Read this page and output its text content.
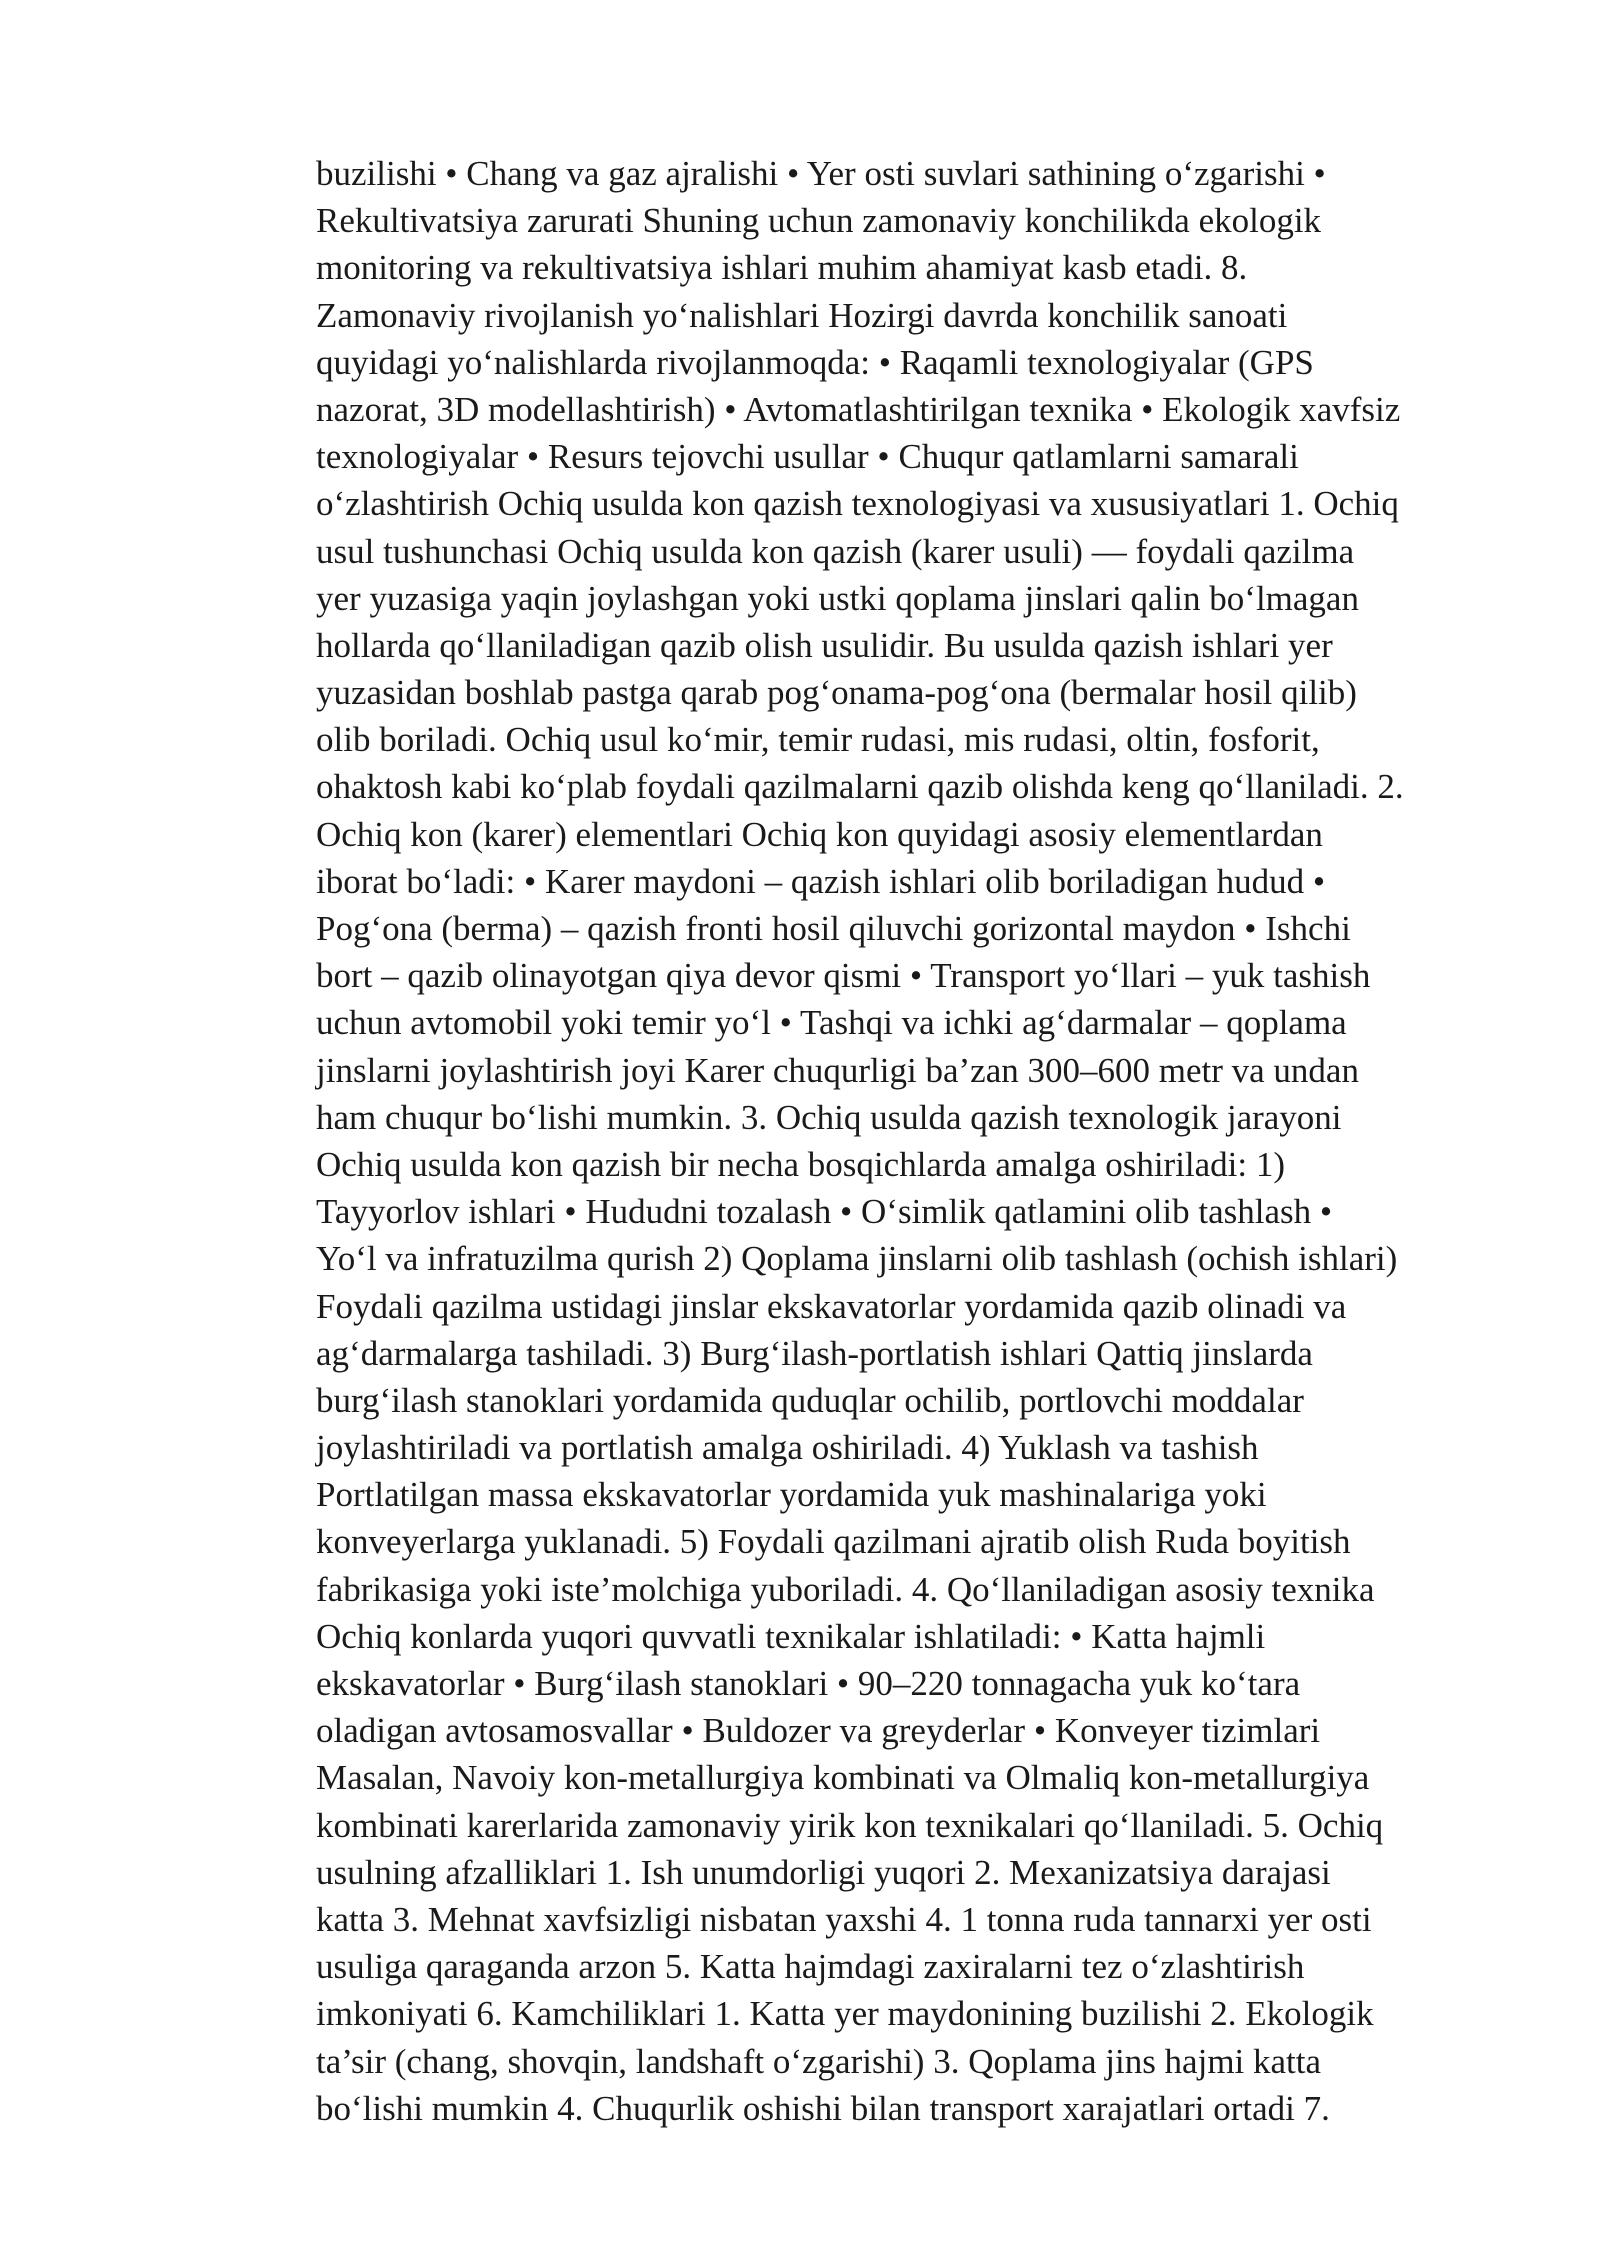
buzilishi • Chang va gaz ajralishi • Yer osti suvlari sathining o‘zgarishi •
Rekultivatsiya zarurati Shuning uchun zamonaviy konchilikda ekologik
monitoring va rekultivatsiya ishlari muhim ahamiyat kasb etadi. 8.
Zamonaviy rivojlanish yo‘nalishlari Hozirgi davrda konchilik sanoati
quyidagi yo‘nalishlarda rivojlanmoqda: • Raqamli texnologiyalar (GPS
nazorat, 3D modellashtirish) • Avtomatlashtirilgan texnika • Ekologik xavfsiz
texnologiyalar • Resurs tejovchi usullar • Chuqur qatlamlarni samarali
o‘zlashtirish Ochiq usulda kon qazish texnologiyasi va xususiyatlari 1. Ochiq
usul tushunchasi Ochiq usulda kon qazish (karer usuli) — foydali qazilma
yer yuzasiga yaqin joylashgan yoki ustki qoplama jinslari qalin bo‘lmagan
hollarda qo‘llaniladigan qazib olish usulidir. Bu usulda qazish ishlari yer
yuzasidan boshlab pastga qarab pog‘onama-pog‘ona (bermalar hosil qilib)
olib boriladi. Ochiq usul ko‘mir, temir rudasi, mis rudasi, oltin, fosforit,
ohaktosh kabi ko‘plab foydali qazilmalarni qazib olishda keng qo‘llaniladi. 2.
Ochiq kon (karer) elementlari Ochiq kon quyidagi asosiy elementlardan
iborat bo‘ladi: • Karer maydoni – qazish ishlari olib boriladigan hudud •
Pog‘ona (berma) – qazish fronti hosil qiluvchi gorizontal maydon • Ishchi
bort – qazib olinayotgan qiya devor qismi • Transport yo‘llari – yuk tashish
uchun avtomobil yoki temir yo‘l • Tashqi va ichki ag‘darmalar – qoplama
jinslarni joylashtirish joyi Karer chuqurligi ba’zan 300–600 metr va undan
ham chuqur bo‘lishi mumkin. 3. Ochiq usulda qazish texnologik jarayoni
Ochiq usulda kon qazish bir necha bosqichlarda amalga oshiriladi: 1)
Tayyorlov ishlari • Hududni tozalash • O‘simlik qatlamini olib tashlash •
Yo‘l va infratuzilma qurish 2) Qoplama jinslarni olib tashlash (ochish ishlari)
Foydali qazilma ustidagi jinslar ekskavatorlar yordamida qazib olinadi va
ag‘darmalarga tashiladi. 3) Burg‘ilash-portlatish ishlari Qattiq jinslarda
burg‘ilash stanoklari yordamida quduqlar ochilib, portlovchi moddalar
joylashtiriladi va portlatish amalga oshiriladi. 4) Yuklash va tashish
Portlatilgan massa ekskavatorlar yordamida yuk mashinalariga yoki
konveyerlarga yuklanadi. 5) Foydali qazilmani ajratib olish Ruda boyitish
fabrikasiga yoki iste’molchiga yuboriladi. 4. Qo‘llaniladigan asosiy texnika
Ochiq konlarda yuqori quvvatli texnikalar ishlatiladi: • Katta hajmli
ekskavatorlar • Burg‘ilash stanoklari • 90–220 tonnagacha yuk ko‘tara
oladigan avtosamosvallar • Buldozer va greyderlar • Konveyer tizimlari
Masalan, Navoiy kon-metallurgiya kombinati va Olmaliq kon-metallurgiya
kombinati karerlarida zamonaviy yirik kon texnikalari qo‘llaniladi. 5. Ochiq
usulning afzalliklari 1. Ish unumdorligi yuqori 2. Mexanizatsiya darajasi
katta 3. Mehnat xavfsizligi nisbatan yaxshi 4. 1 tonna ruda tannarxi yer osti
usuliga qaraganda arzon 5. Katta hajmdagi zaxiralarni tez o‘zlashtirish
imkoniyati 6. Kamchiliklari 1. Katta yer maydonining buzilishi 2. Ekologik
ta’sir (chang, shovqin, landshaft o‘zgarishi) 3. Qoplama jins hajmi katta
bo‘lishi mumkin 4. Chuqurlik oshishi bilan transport xarajatlari ortadi 7.
